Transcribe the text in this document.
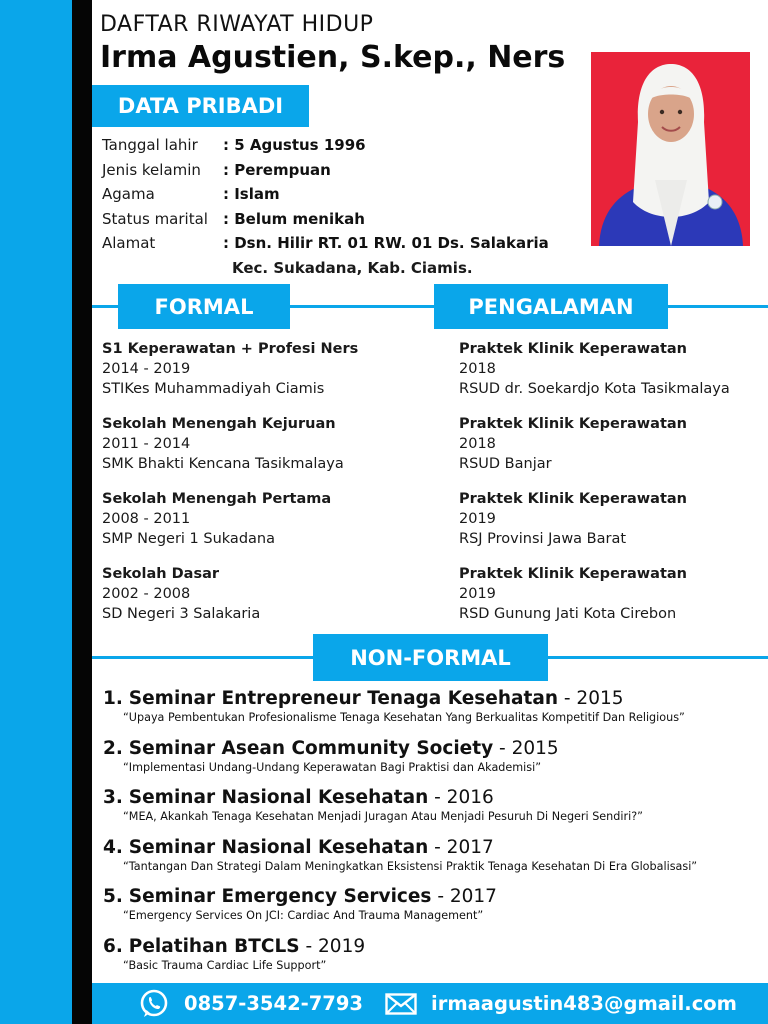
DAFTAR RIWAYAT HIDUP
Irma Agustien, S.kep., Ners
DATA PRIBADI
Tanggal lahir	: 5 Agustus 1996
Jenis kelamin	: Perempuan
Agama	: Islam
Status marital	: Belum menikah
Alamat	: Dsn. Hilir RT. 01 RW. 01 Ds. Salakaria
Kec. Sukadana, Kab. Ciamis.
FORMAL	PENGALAMAN
S1 Keperawatan + Profesi Ners
2014 - 2019
STIKes Muhammadiyah Ciamis
Sekolah Menengah Kejuruan
2011 - 2014
SMK Bhakti Kencana Tasikmalaya
Sekolah Menengah Pertama
2008 - 2011
SMP Negeri 1 Sukadana
Sekolah Dasar
2002 - 2008
SD Negeri 3 Salakaria
Praktek Klinik Keperawatan
2018
RSUD dr. Soekardjo Kota Tasikmalaya
Praktek Klinik Keperawatan
2018
RSUD Banjar
Praktek Klinik Keperawatan
2019
RSJ Provinsi Jawa Barat
Praktek Klinik Keperawatan
2019
RSD Gunung Jati Kota Cirebon
NON-FORMAL
1. Seminar Entrepreneur Tenaga Kesehatan - 2015
“Upaya Pembentukan Profesionalisme Tenaga Kesehatan Yang Berkualitas Kompetitif Dan Religious”
2. Seminar Asean Community Society - 2015
“Implementasi Undang-Undang Keperawatan Bagi Praktisi dan Akademisi”
3. Seminar Nasional Kesehatan - 2016
“MEA, Akankah Tenaga Kesehatan Menjadi Juragan Atau Menjadi Pesuruh Di Negeri Sendiri?”
4. Seminar Nasional Kesehatan - 2017
“Tantangan Dan Strategi Dalam Meningkatkan Eksistensi Praktik Tenaga Kesehatan Di Era Globalisasi”
5. Seminar Emergency Services - 2017
“Emergency Services On JCI: Cardiac And Trauma Management”
6. Pelatihan BTCLS - 2019
“Basic Trauma Cardiac Life Support”
0857-3542-7793	irmaagustin483@gmail.com
